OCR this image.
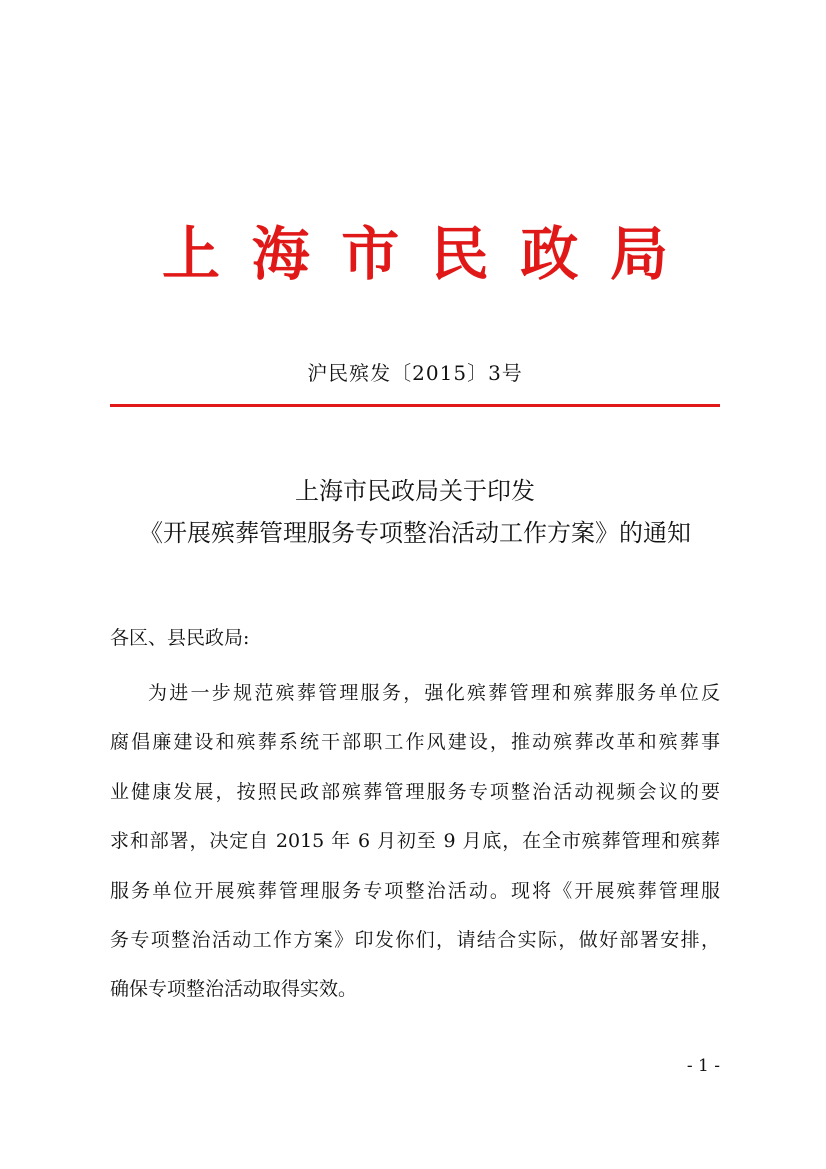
上 海 市 民 政 局
沪民殡发〔2015〕3号
上海市民政局关于印发
《开展殡葬管理服务专项整治活动工作方案》的通知
各区、县民政局:
为进一步规范殡葬管理服务，强化殡葬管理和殡葬服务单位反
腐倡廉建设和殡葬系统干部职工作风建设，推动殡葬改革和殡葬事
业健康发展，按照民政部殡葬管理服务专项整治活动视频会议的要
求和部署，决定自 2015 年 6 月初至 9 月底，在全市殡葬管理和殡葬
服务单位开展殡葬管理服务专项整治活动。现将《开展殡葬管理服
务专项整治活动工作方案》印发你们，请结合实际，做好部署安排，
确保专项整治活动取得实效。
- 1 -
